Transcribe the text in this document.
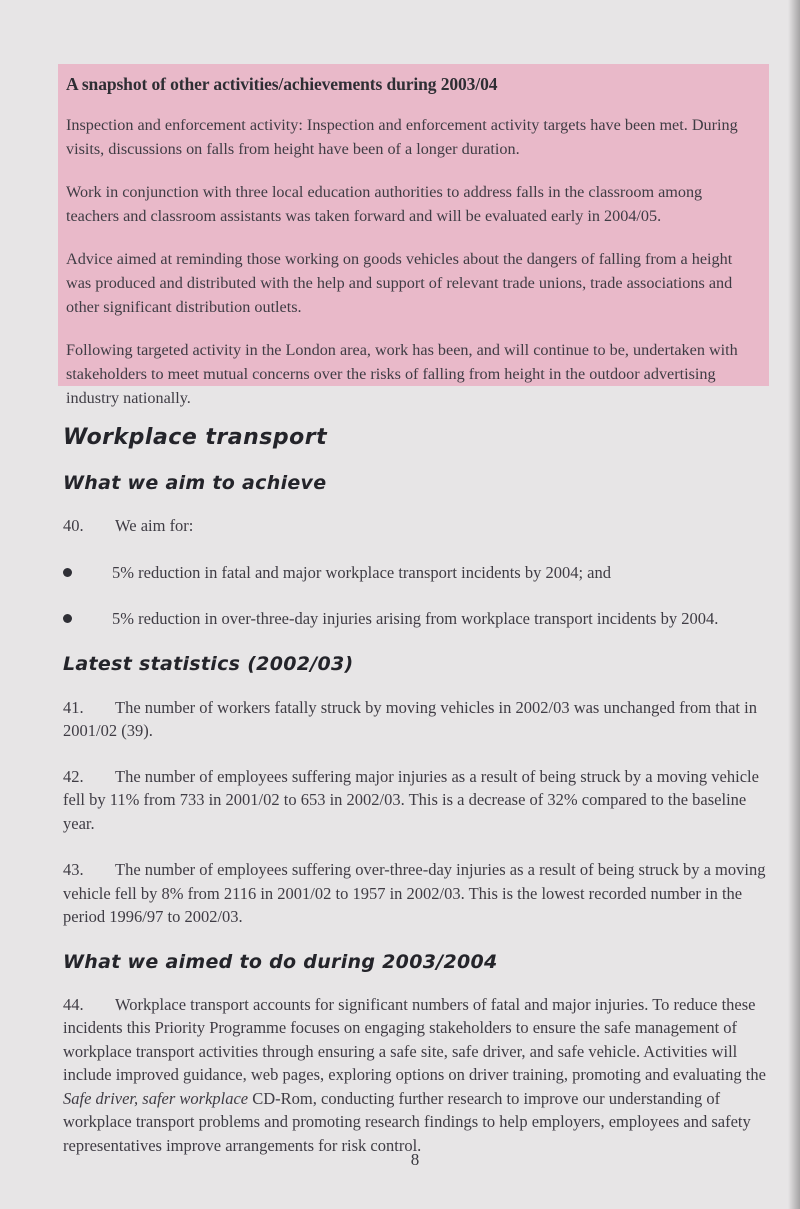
A snapshot of other activities/achievements during 2003/04

Inspection and enforcement activity: Inspection and enforcement activity targets have been met. During visits, discussions on falls from height have been of a longer duration.

Work in conjunction with three local education authorities to address falls in the classroom among teachers and classroom assistants was taken forward and will be evaluated early in 2004/05.

Advice aimed at reminding those working on goods vehicles about the dangers of falling from a height was produced and distributed with the help and support of relevant trade unions, trade associations and other significant distribution outlets.

Following targeted activity in the London area, work has been, and will continue to be, undertaken with stakeholders to meet mutual concerns over the risks of falling from height in the outdoor advertising industry nationally.

Workplace transport
What we aim to achieve
40. We aim for:
5% reduction in fatal and major workplace transport incidents by 2004; and
5% reduction in over-three-day injuries arising from workplace transport incidents by 2004.
Latest statistics (2002/03)
41. The number of workers fatally struck by moving vehicles in 2002/03 was unchanged from that in 2001/02 (39).
42. The number of employees suffering major injuries as a result of being struck by a moving vehicle fell by 11% from 733 in 2001/02 to 653 in 2002/03. This is a decrease of 32% compared to the baseline year.
43. The number of employees suffering over-three-day injuries as a result of being struck by a moving vehicle fell by 8% from 2116 in 2001/02 to 1957 in 2002/03. This is the lowest recorded number in the period 1996/97 to 2002/03.
What we aimed to do during 2003/2004
44. Workplace transport accounts for significant numbers of fatal and major injuries. To reduce these incidents this Priority Programme focuses on engaging stakeholders to ensure the safe management of workplace transport activities through ensuring a safe site, safe driver, and safe vehicle. Activities will include improved guidance, web pages, exploring options on driver training, promoting and evaluating the Safe driver, safer workplace CD-Rom, conducting further research to improve our understanding of workplace transport problems and promoting research findings to help employers, employees and safety representatives improve arrangements for risk control.
8
